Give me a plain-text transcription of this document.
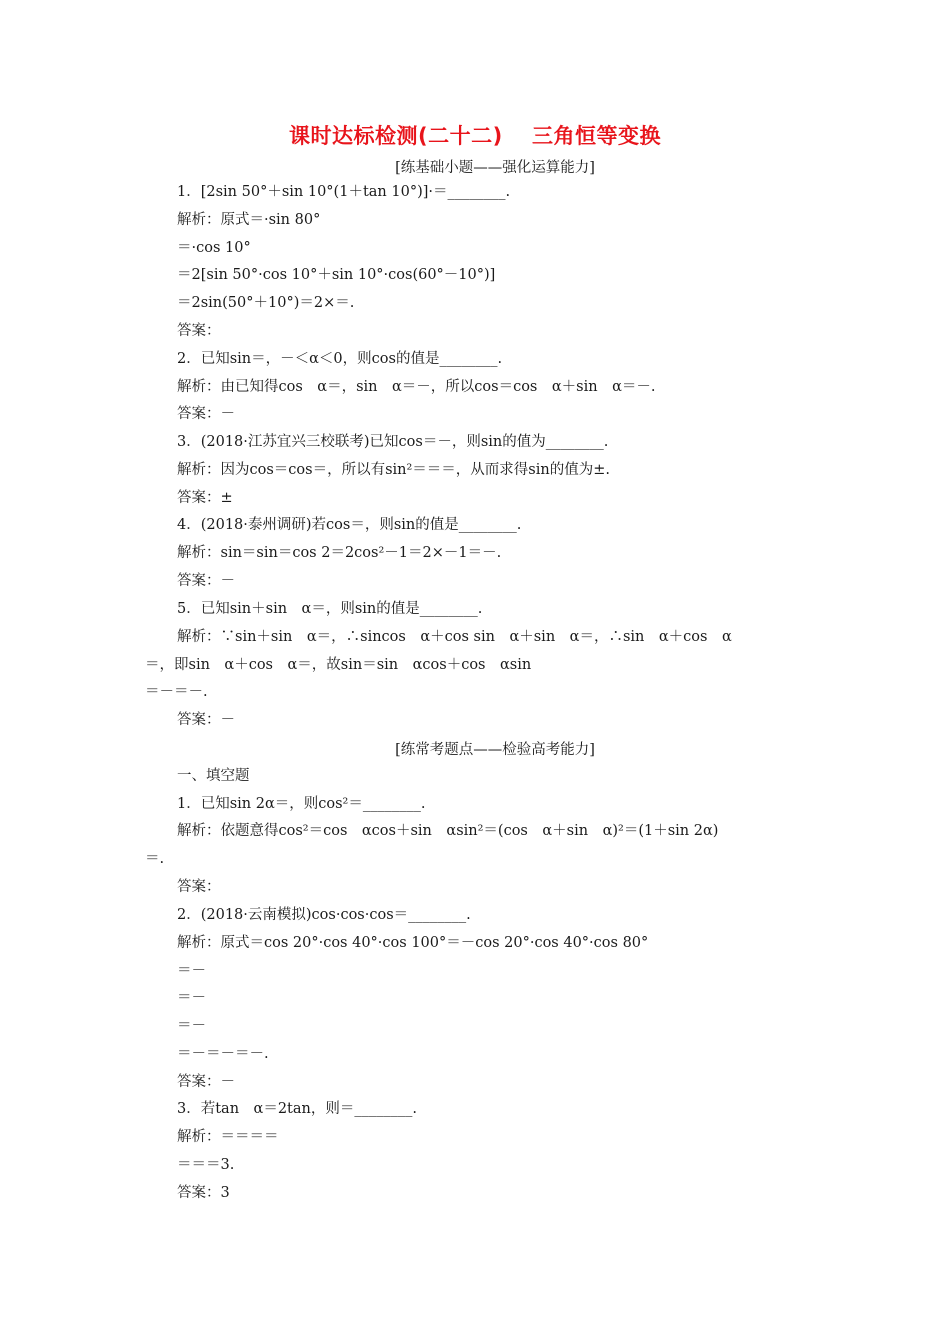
课时达标检测(二十二)　 三角恒等变换
[练基础小题——强化运算能力]
1．[2sin 50°＋sin 10°(1＋tan 10°)]·＝________.
解析：原式＝·sin 80°
＝·cos 10°
＝2[sin 50°·cos 10°＋sin 10°·cos(60°－10°)]
＝2sin(50°＋10°)＝2×＝.
答案：
2．已知sin＝，－＜α＜0，则cos的值是________.
解析：由已知得cos　α＝，sin　α＝－，所以cos＝cos　α＋sin　α＝－.
答案：－
3．(2018·江苏宜兴三校联考)已知cos＝－，则sin的值为________.
解析：因为cos＝cos＝，所以有sin²＝＝＝，从而求得sin的值为±.
答案：±
4．(2018·泰州调研)若cos＝，则sin的值是________.
解析：sin＝sin＝cos 2＝2cos²－1＝2×－1＝－.
答案：－
5．已知sin＋sin　α＝，则sin的值是________.
解析：∵sin＋sin　α＝，∴sincos　α＋cos sin　α＋sin　α＝，∴sin　α＋cos　α
＝，即sin　α＋cos　α＝，故sin＝sin　αcos＋cos　αsin
＝－＝－.
答案：－
[练常考题点——检验高考能力]
一、填空题
1．已知sin 2α＝，则cos²＝________.
解析：依题意得cos²＝cos　αcos＋sin　αsin²＝(cos　α＋sin　α)²＝(1＋sin 2α)
＝.
答案：
2．(2018·云南模拟)cos·cos·cos＝________.
解析：原式＝cos 20°·cos 40°·cos 100°＝－cos 20°·cos 40°·cos 80°
＝－
＝－
＝－
＝－＝－＝－.
答案：－
3．若tan　α＝2tan，则＝________.
解析：＝＝＝＝
＝＝＝3.
答案：3
